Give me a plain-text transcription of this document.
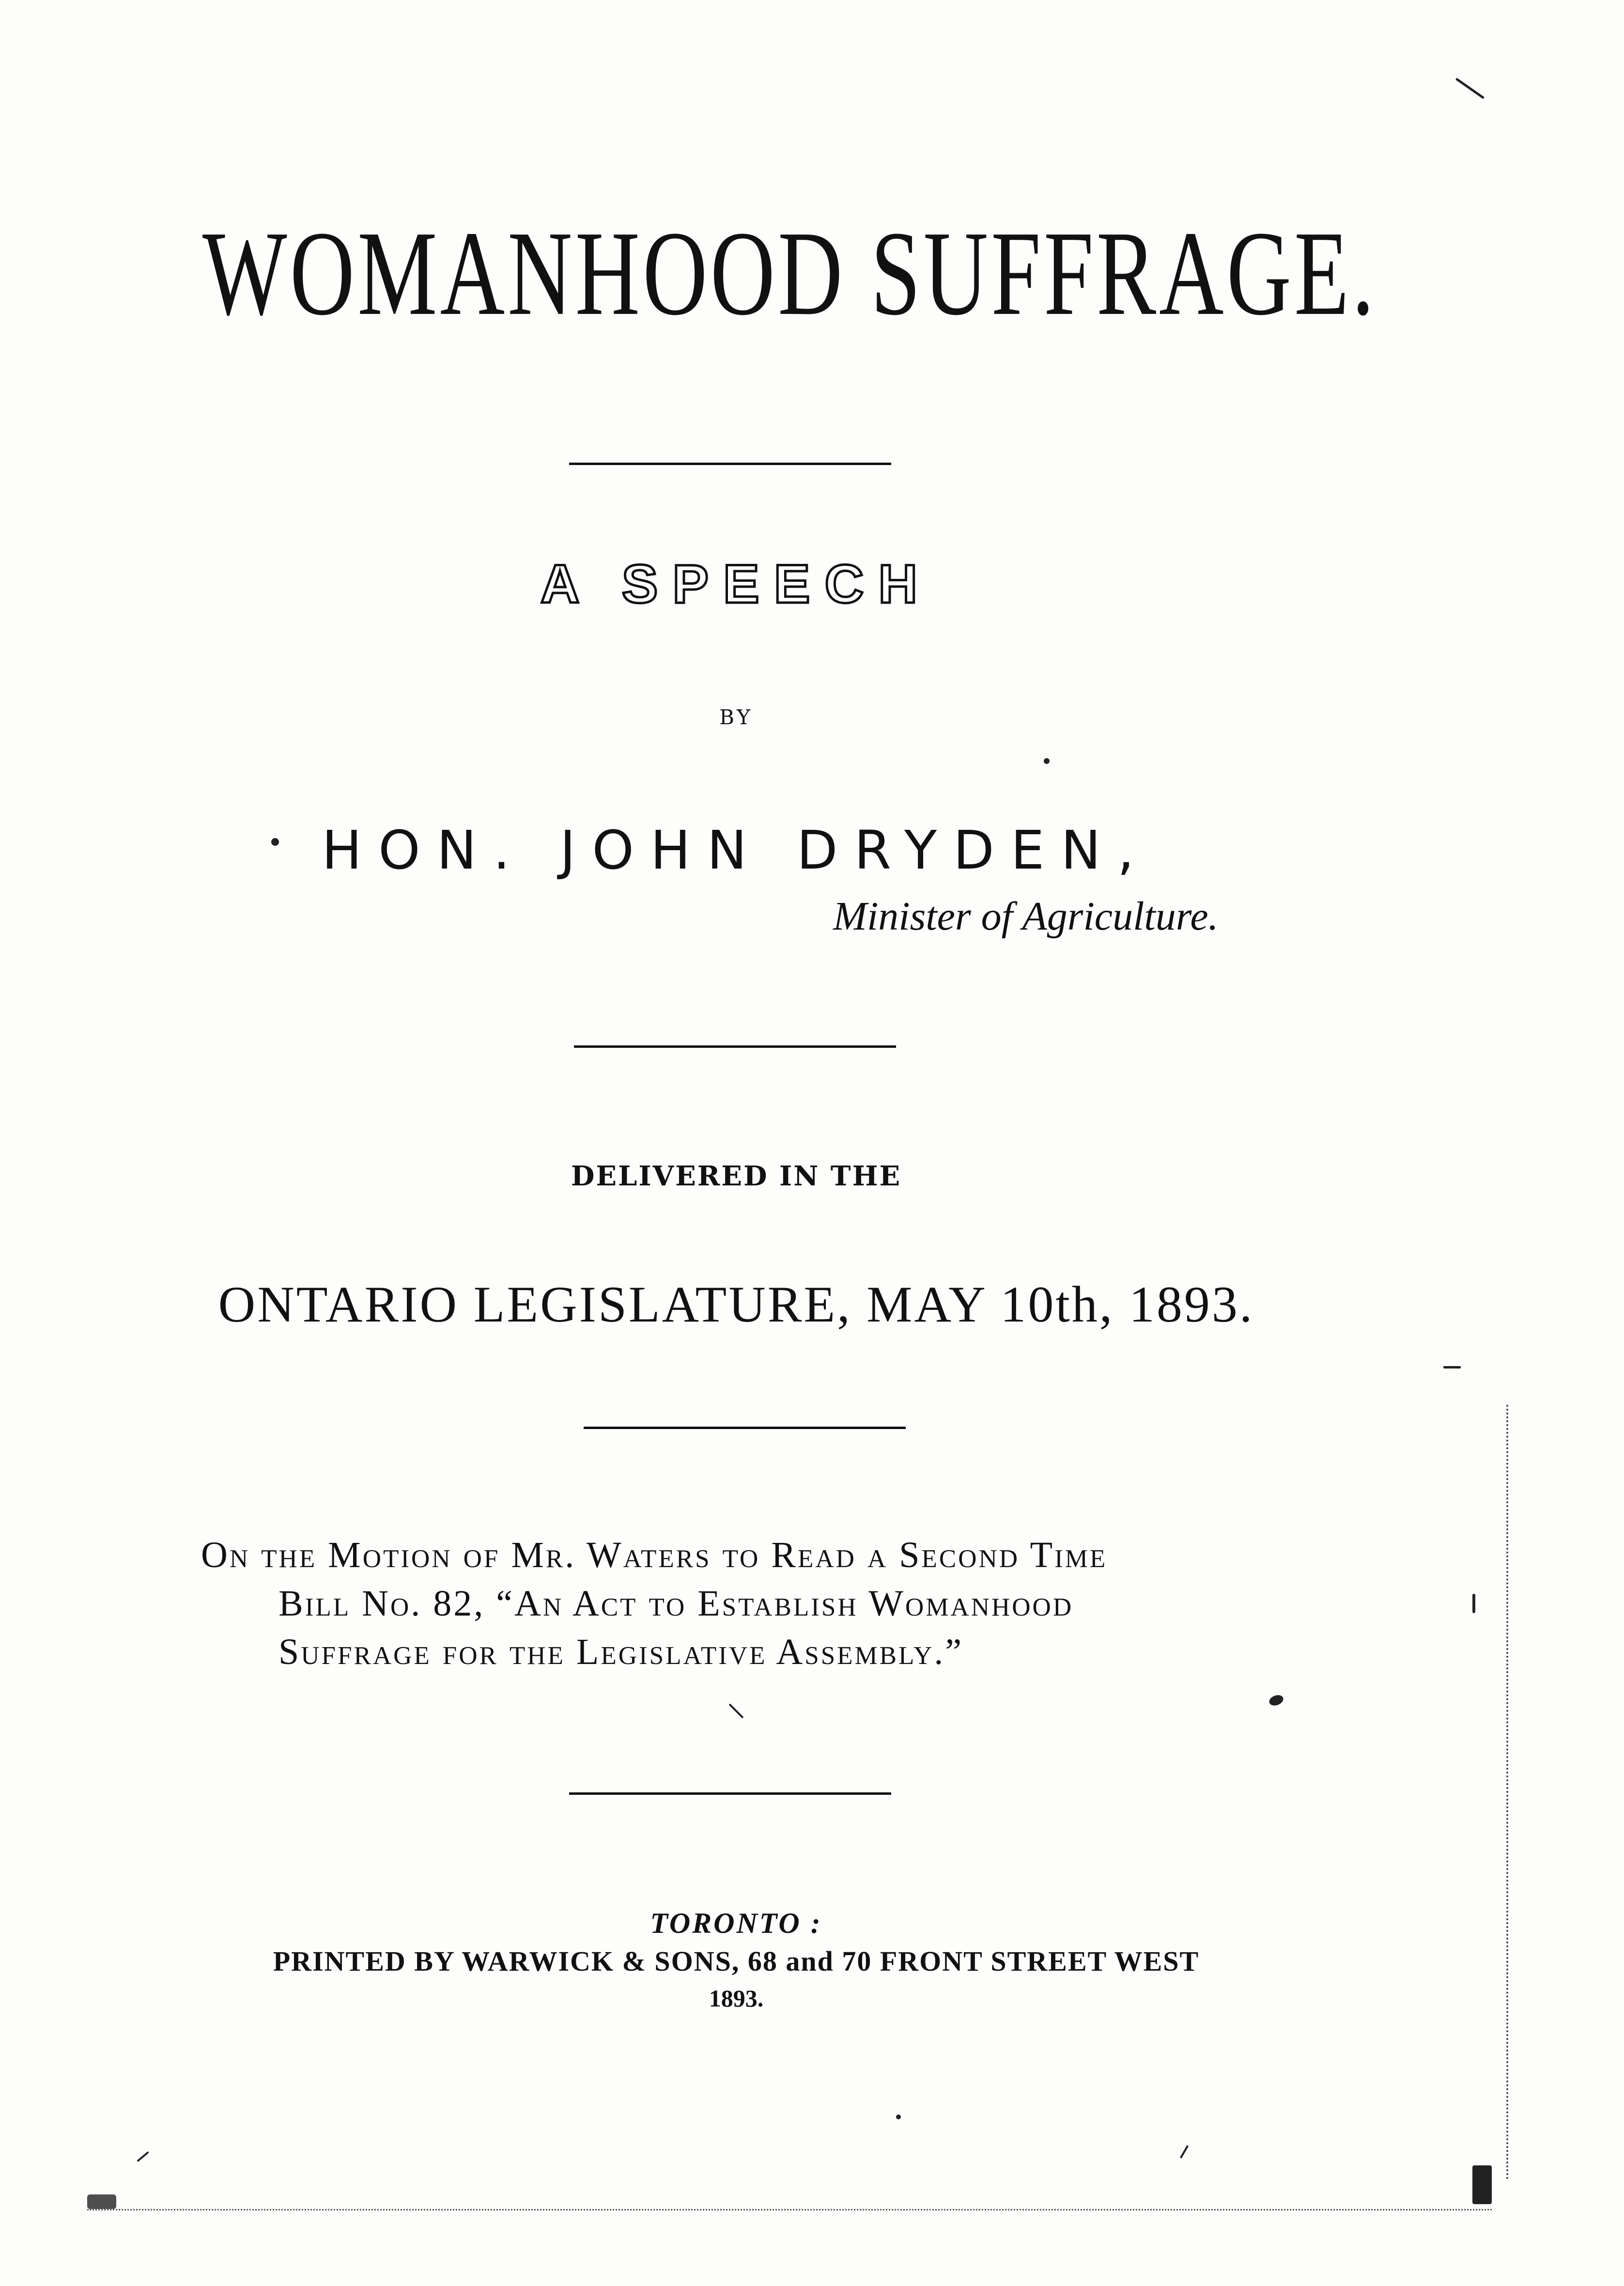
WOMANHOOD SUFFRAGE.
A SPEECH
BY
HON. JOHN DRYDEN,
Minister of Agriculture.
DELIVERED IN THE
ONTARIO LEGISLATURE, MAY 10th, 1893.
On the Motion of Mr. Waters to Read a Second Time
Bill No. 82, “An Act to Establish Womanhood
Suffrage for the Legislative Assembly.”
TORONTO :
PRINTED BY WARWICK & SONS, 68 and 70 FRONT STREET WEST
1893.
